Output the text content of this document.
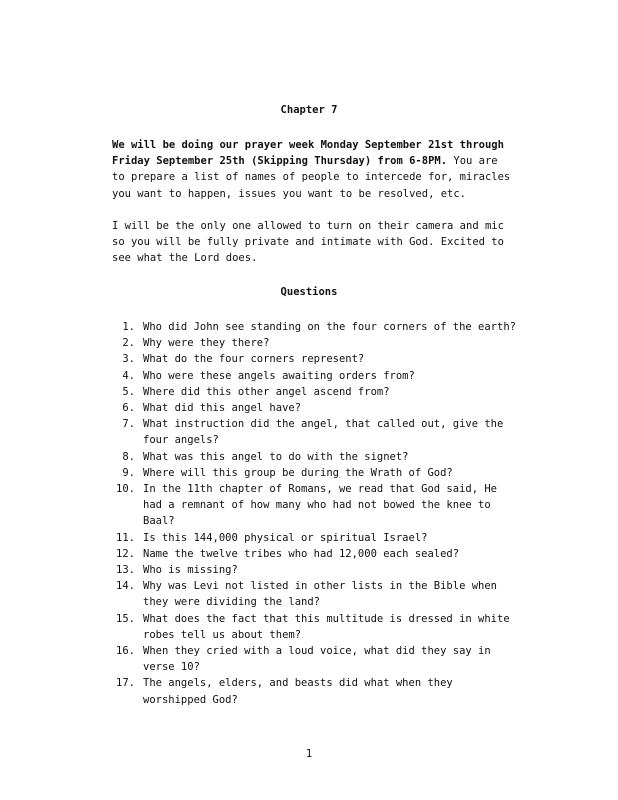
Chapter 7

We will be doing our prayer week Monday September 21st through Friday September 25th (Skipping Thursday) from 6-8PM. You are to prepare a list of names of people to intercede for, miracles you want to happen, issues you want to be resolved, etc.

I will be the only one allowed to turn on their camera and mic so you will be fully private and intimate with God. Excited to see what the Lord does.

Questions
1. Who did John see standing on the four corners of the earth?
2. Why were they there?
3. What do the four corners represent?
4. Who were these angels awaiting orders from?
5. Where did this other angel ascend from?
6. What did this angel have?
7. What instruction did the angel, that called out, give the
four angels?
8. What was this angel to do with the signet?
9. Where will this group be during the Wrath of God?
10. In the 11th chapter of Romans, we read that God said, He
had a remnant of how many who had not bowed the knee to
Baal?
11. Is this 144,000 physical or spiritual Israel?
12. Name the twelve tribes who had 12,000 each sealed?
13. Who is missing?
14. Why was Levi not listed in other lists in the Bible when
they were dividing the land?
15. What does the fact that this multitude is dressed in white
robes tell us about them?
16. When they cried with a loud voice, what did they say in
verse 10?
17. The angels, elders, and beasts did what when they
worshipped God?
1
